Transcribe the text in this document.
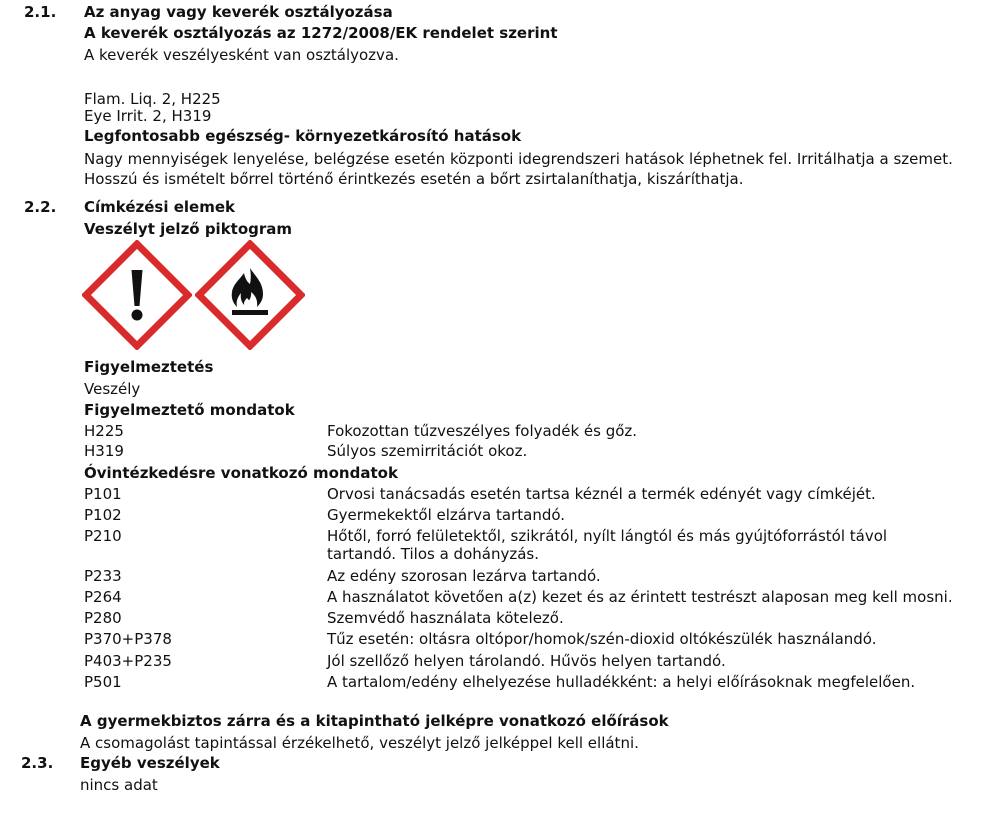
2.1. Az anyag vagy keverék osztályozása
A keverék osztályozás az 1272/2008/EK rendelet szerint
A keverék veszélyesként van osztályozva.
Flam. Liq. 2, H225
Eye Irrit. 2, H319
Legfontosabb egészség- környezetkárosító hatások
Nagy mennyiségek lenyelése, belégzése esetén központi idegrendszeri hatások léphetnek fel. Irritálhatja a szemet.
Hosszú és ismételt bőrrel történő érintkezés esetén a bőrt zsirtalaníthatja, kiszáríthatja.
2.2. Címkézési elemek
Veszélyt jelző piktogram
Figyelmeztetés
Veszély
Figyelmeztető mondatok
H225	Fokozottan tűzveszélyes folyadék és gőz.
H319	Súlyos szemirritációt okoz.
Óvintézkedésre vonatkozó mondatok
P101	Orvosi tanácsadás esetén tartsa kéznél a termék edényét vagy címkéjét.
P102	Gyermekektől elzárva tartandó.
P210	Hőtől, forró felületektől, szikrától, nyílt lángtól és más gyújtóforrástól távol
tartandó. Tilos a dohányzás.
P233	Az edény szorosan lezárva tartandó.
P264	A használatot követően a(z) kezet és az érintett testrészt alaposan meg kell mosni.
P280	Szemvédő használata kötelező.
P370+P378	Tűz esetén: oltásra oltópor/homok/szén-dioxid oltókészülék használandó.
P403+P235	Jól szellőző helyen tárolandó. Hűvös helyen tartandó.
P501	A tartalom/edény elhelyezése hulladékként: a helyi előírásoknak megfelelően.
A gyermekbiztos zárra és a kitapintható jelképre vonatkozó előírások
A csomagolást tapintással érzékelhető, veszélyt jelző jelképpel kell ellátni.
2.3. Egyéb veszélyek
nincs adat
